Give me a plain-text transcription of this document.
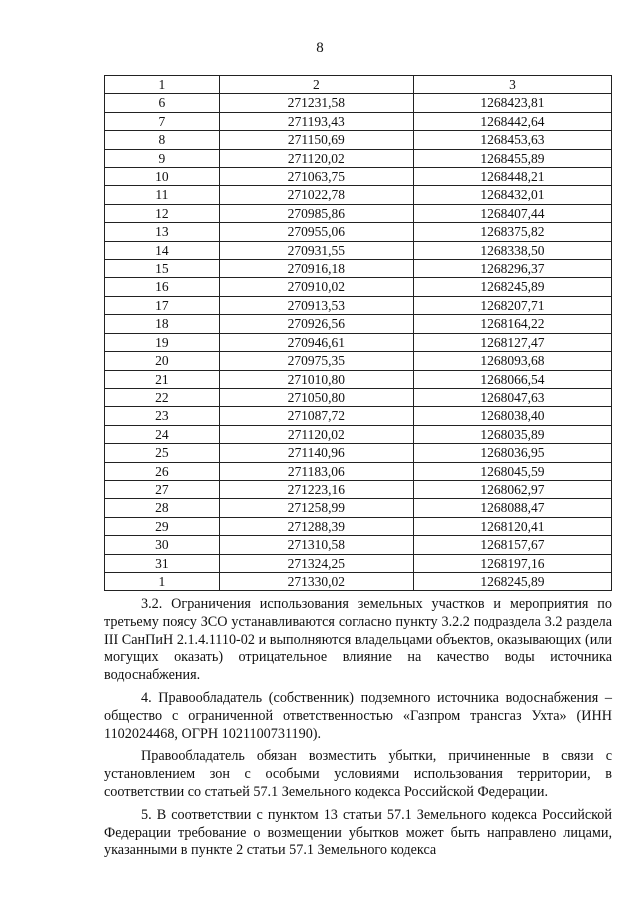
8
1	2	3
6	271231,58	1268423,81
7	271193,43	1268442,64
8	271150,69	1268453,63
9	271120,02	1268455,89
10	271063,75	1268448,21
11	271022,78	1268432,01
12	270985,86	1268407,44
13	270955,06	1268375,82
14	270931,55	1268338,50
15	270916,18	1268296,37
16	270910,02	1268245,89
17	270913,53	1268207,71
18	270926,56	1268164,22
19	270946,61	1268127,47
20	270975,35	1268093,68
21	271010,80	1268066,54
22	271050,80	1268047,63
23	271087,72	1268038,40
24	271120,02	1268035,89
25	271140,96	1268036,95
26	271183,06	1268045,59
27	271223,16	1268062,97
28	271258,99	1268088,47
29	271288,39	1268120,41
30	271310,58	1268157,67
31	271324,25	1268197,16
1	271330,02	1268245,89

3.2. Ограничения использования земельных участков и мероприятия по третьему поясу ЗСО устанавливаются согласно пункту 3.2.2 подраздела 3.2 раздела III СанПиН 2.1.4.1110-02 и выполняются владельцами объектов, оказывающих (или могущих оказать) отрицательное влияние на качество воды источника водоснабжения.

4. Правообладатель (собственник) подземного источника водоснабжения – общество с ограниченной ответственностью «Газпром трансгаз Ухта» (ИНН 1102024468, ОГРН 1021100731190).

Правообладатель обязан возместить убытки, причиненные в связи с установлением зон с особыми условиями использования территории, в соответствии со статьей 57.1 Земельного кодекса Российской Федерации.

5. В соответствии с пунктом 13 статьи 57.1 Земельного кодекса Российской Федерации требование о возмещении убытков может быть направлено лицами, указанными в пункте 2 статьи 57.1 Земельного кодекса
